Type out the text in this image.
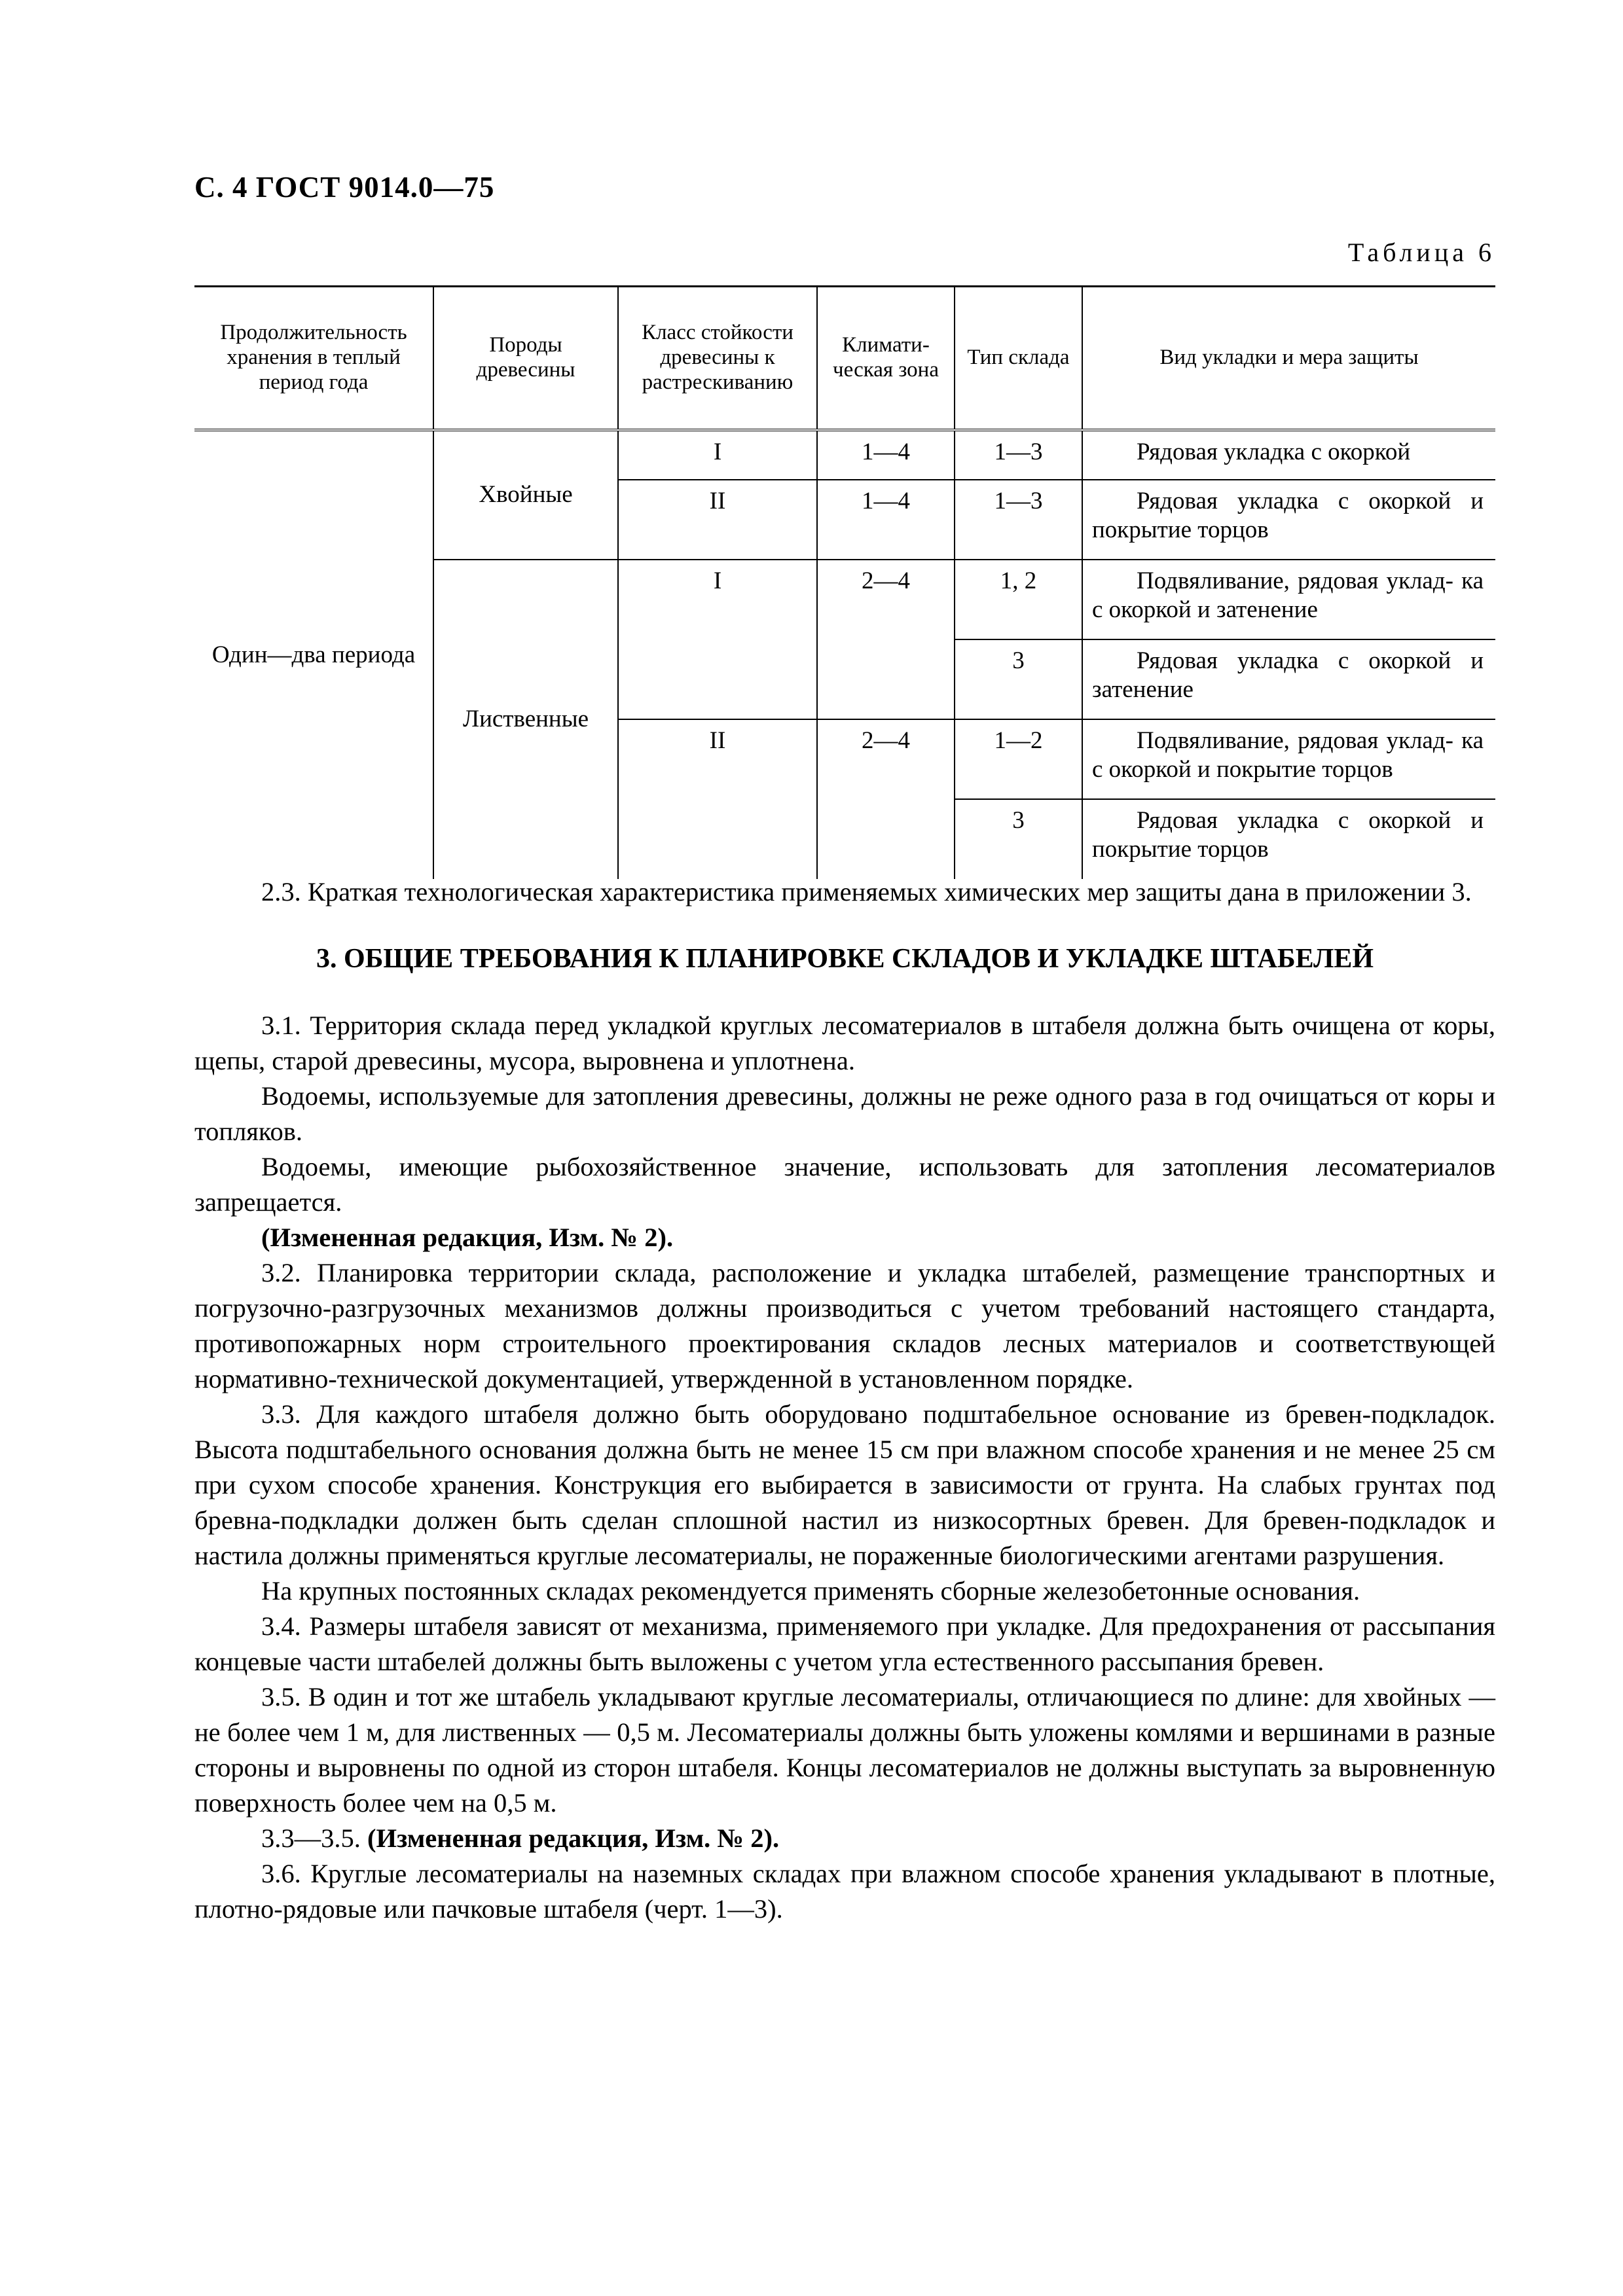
С. 4 ГОСТ 9014.0—75
Таблица 6
Продолжительность хранения в теплый период года	Породы древесины	Класс стойкости древесины к растрескиванию	Климати- ческая зона	Тип склада	Вид укладки и мера защиты
Один—два периода	Хвойные	I	1—4	1—3	Рядовая укладка с окоркой

		II	1—4	1—3	Рядовая укладка с окоркой и покрытие торцов

	Лиственные	I	2—4	1, 2	Подвяливание, рядовая уклад- ка с окоркой и затенение

				3	Рядовая укладка с окоркой и затенение

		II	2—4	1—2	Подвяливание, рядовая уклад- ка с окоркой и покрытие торцов

				3	Рядовая укладка с окоркой и покрытие торцов

2.3. Краткая технологическая характеристика применяемых химических мер защиты дана в приложении 3.

3. ОБЩИЕ ТРЕБОВАНИЯ К ПЛАНИРОВКЕ СКЛАДОВ И УКЛАДКЕ ШТАБЕЛЕЙ

3.1. Территория склада перед укладкой круглых лесоматериалов в штабеля должна быть очищена от коры, щепы, старой древесины, мусора, выровнена и уплотнена.

Водоемы, используемые для затопления древесины, должны не реже одного раза в год очищаться от коры и топляков.

Водоемы, имеющие рыбохозяйственное значение, использовать для затопления лесоматериалов запрещается.

(Измененная редакция, Изм. № 2).

3.2. Планировка территории склада, расположение и укладка штабелей, размещение транспортных и погрузочно-разгрузочных механизмов должны производиться с учетом требований настоящего стандарта, противопожарных норм строительного проектирования складов лесных материалов и соответствующей нормативно-технической документацией, утвержденной в установленном порядке.

3.3. Для каждого штабеля должно быть оборудовано подштабельное основание из бревен-подкладок. Высота подштабельного основания должна быть не менее 15 см при влажном способе хранения и не менее 25 см при сухом способе хранения. Конструкция его выбирается в зависимости от грунта. На слабых грунтах под бревна-подкладки должен быть сделан сплошной настил из низкосортных бревен. Для бревен-подкладок и настила должны применяться круглые лесоматериалы, не пораженные биологическими агентами разрушения.

На крупных постоянных складах рекомендуется применять сборные железобетонные основания.

3.4. Размеры штабеля зависят от механизма, применяемого при укладке. Для предохранения от рассыпания концевые части штабелей должны быть выложены с учетом угла естественного рассыпания бревен.

3.5. В один и тот же штабель укладывают круглые лесоматериалы, отличающиеся по длине: для хвойных — не более чем 1 м, для лиственных — 0,5 м. Лесоматериалы должны быть уложены комлями и вершинами в разные стороны и выровнены по одной из сторон штабеля. Концы лесоматериалов не должны выступать за выровненную поверхность более чем на 0,5 м.

3.3—3.5. (Измененная редакция, Изм. № 2).

3.6. Круглые лесоматериалы на наземных складах при влажном способе хранения укладывают в плотные, плотно-рядовые или пачковые штабеля (черт. 1—3).
